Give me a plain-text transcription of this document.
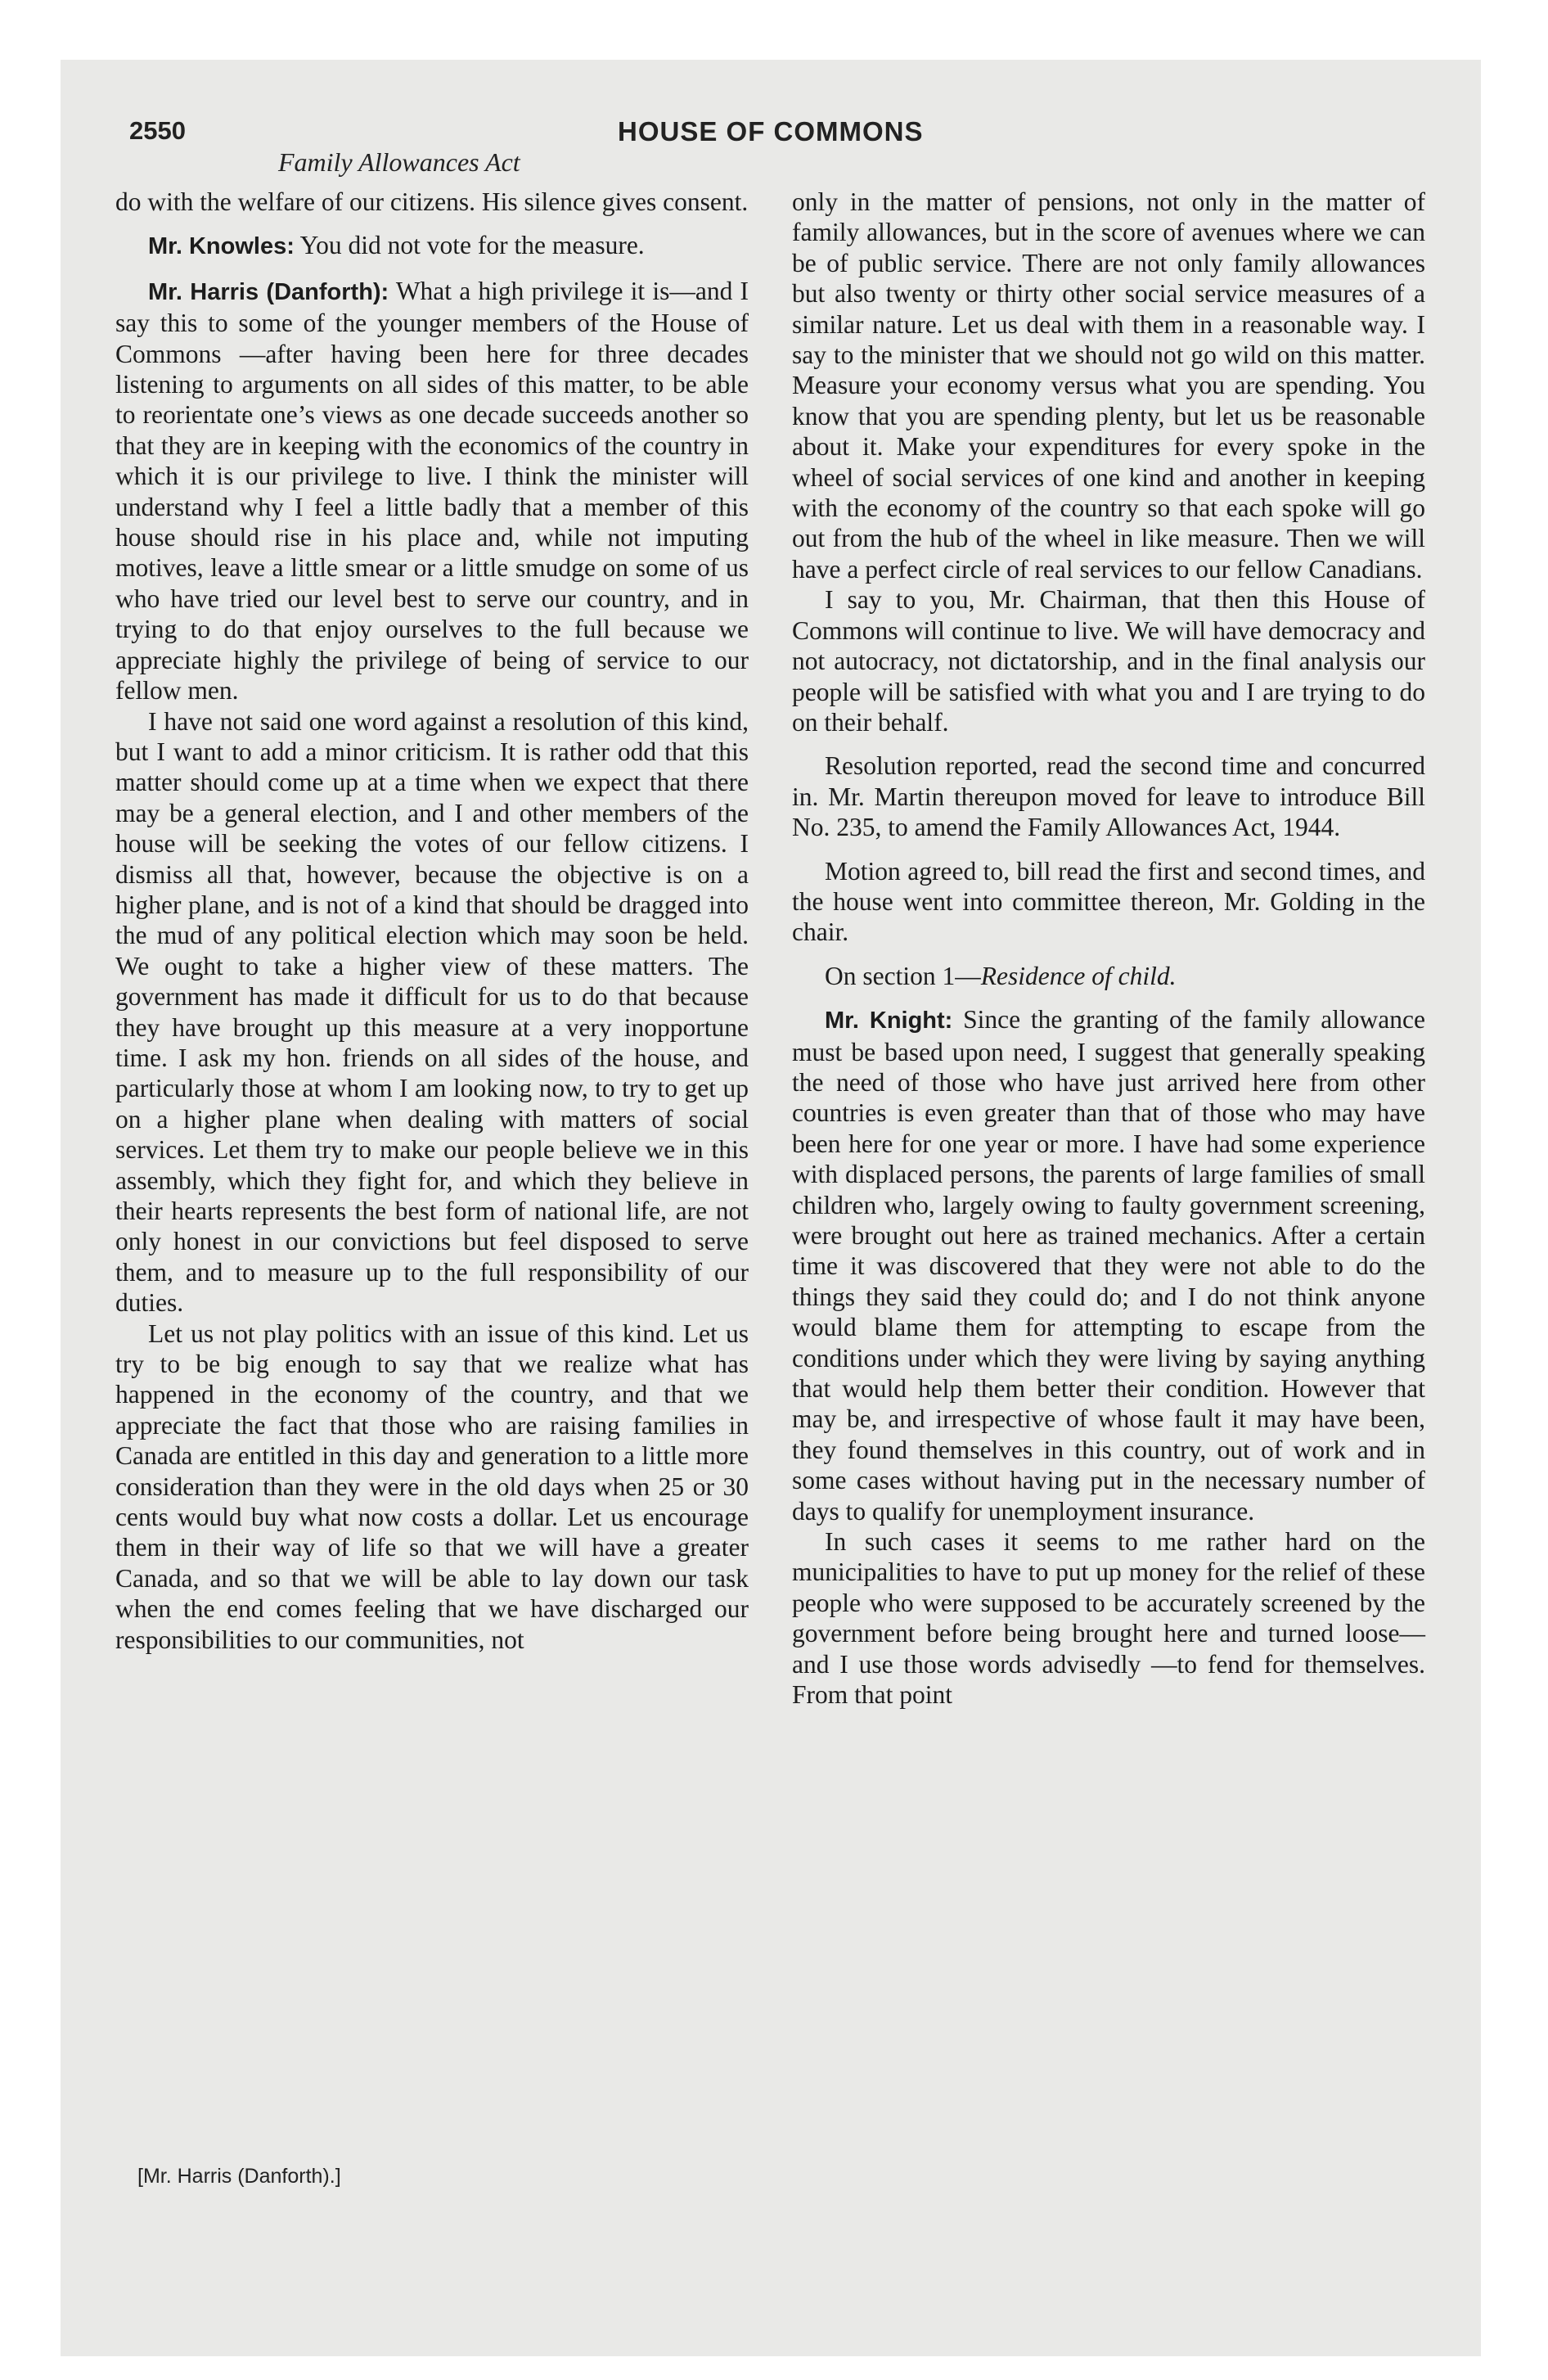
2550	HOUSE OF COMMONS
Family Allowances Act

do with the welfare of our citizens. His silence gives consent.

Mr. Knowles: You did not vote for the measure.

Mr. Harris (Danforth): What a high privilege it is—and I say this to some of the younger members of the House of Commons —after having been here for three decades listening to arguments on all sides of this matter, to be able to reorientate one’s views as one decade succeeds another so that they are in keeping with the economics of the country in which it is our privilege to live. I think the minister will understand why I feel a little badly that a member of this house should rise in his place and, while not imputing motives, leave a little smear or a little smudge on some of us who have tried our level best to serve our country, and in trying to do that enjoy ourselves to the full because we appreciate highly the privilege of being of service to our fellow men.

I have not said one word against a resolution of this kind, but I want to add a minor criticism. It is rather odd that this matter should come up at a time when we expect that there may be a general election, and I and other members of the house will be seeking the votes of our fellow citizens. I dismiss all that, however, because the objective is on a higher plane, and is not of a kind that should be dragged into the mud of any political election which may soon be held. We ought to take a higher view of these matters. The government has made it difficult for us to do that because they have brought up this measure at a very inopportune time. I ask my hon. friends on all sides of the house, and particularly those at whom I am looking now, to try to get up on a higher plane when dealing with matters of social services. Let them try to make our people believe we in this assembly, which they fight for, and which they believe in their hearts represents the best form of national life, are not only honest in our convictions but feel disposed to serve them, and to measure up to the full responsibility of our duties.

Let us not play politics with an issue of this kind. Let us try to be big enough to say that we realize what has happened in the economy of the country, and that we appreciate the fact that those who are raising families in Canada are entitled in this day and generation to a little more consideration than they were in the old days when 25 or 30 cents would buy what now costs a dollar. Let us encourage them in their way of life so that we will have a greater Canada, and so that we will be able to lay down our task when the end comes feeling that we have discharged our responsibilities to our communities, not

[Mr. Harris (Danforth).]

only in the matter of pensions, not only in the matter of family allowances, but in the score of avenues where we can be of public service. There are not only family allowances but also twenty or thirty other social service measures of a similar nature. Let us deal with them in a reasonable way. I say to the minister that we should not go wild on this matter. Measure your economy versus what you are spending. You know that you are spending plenty, but let us be reasonable about it. Make your expenditures for every spoke in the wheel of social services of one kind and another in keeping with the economy of the country so that each spoke will go out from the hub of the wheel in like measure. Then we will have a perfect circle of real services to our fellow Canadians.

I say to you, Mr. Chairman, that then this House of Commons will continue to live. We will have democracy and not autocracy, not dictatorship, and in the final analysis our people will be satisfied with what you and I are trying to do on their behalf.

Resolution reported, read the second time and concurred in. Mr. Martin thereupon moved for leave to introduce Bill No. 235, to amend the Family Allowances Act, 1944.

Motion agreed to, bill read the first and second times, and the house went into committee thereon, Mr. Golding in the chair.

On section 1—Residence of child.

Mr. Knight: Since the granting of the family allowance must be based upon need, I suggest that generally speaking the need of those who have just arrived here from other countries is even greater than that of those who may have been here for one year or more. I have had some experience with displaced persons, the parents of large families of small children who, largely owing to faulty government screening, were brought out here as trained mechanics. After a certain time it was discovered that they were not able to do the things they said they could do; and I do not think anyone would blame them for attempting to escape from the conditions under which they were living by saying anything that would help them better their condition. However that may be, and irrespective of whose fault it may have been, they found themselves in this country, out of work and in some cases without having put in the necessary number of days to qualify for unemployment insurance.

In such cases it seems to me rather hard on the municipalities to have to put up money for the relief of these people who were supposed to be accurately screened by the government before being brought here and turned loose—and I use those words advisedly —to fend for themselves. From that point
